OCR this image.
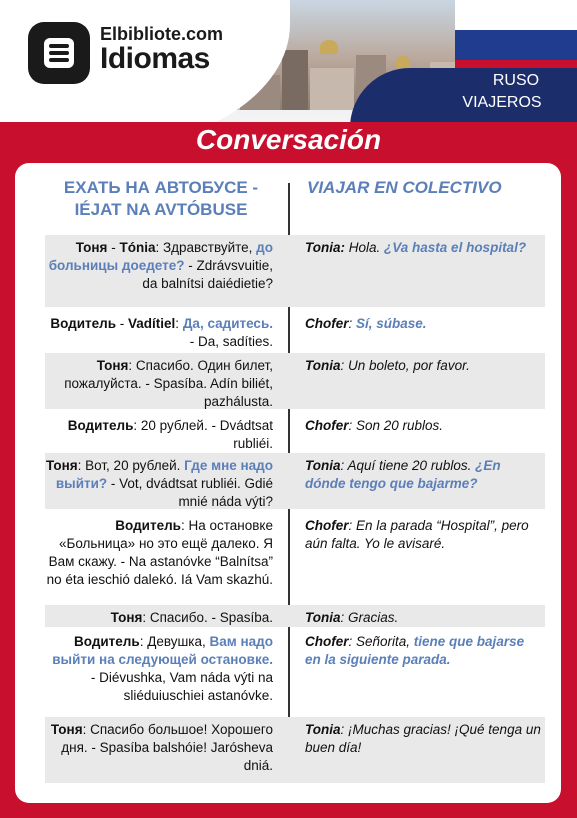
Elbibliote.com
Idiomas
RUSO
VIAJEROS
Conversación
ЕХАТЬ НА АВТОБУСЕ -
IÉJAT NA AVTÓBUSE
VIAJAR EN COLECTIVO
Тоня - Tónia: Здравствуйте, до больницы доедете? - Zdrávsvuitie, da balnítsi daiédietie?
Tonia: Hola. ¿Va hasta el hospital?
Водитель - Vadítiel: Да, садитесь. - Da, sadíties.
Chofer: Sí, súbase.
Тоня: Спасибо. Один билет, пожалуйста. - Spasíba. Adín biliét, pazhálusta.
Tonia: Un boleto, por favor.
Водитель: 20 рублей. - Dvádtsat rubliéi.
Chofer: Son 20 rublos.
Тоня: Вот, 20 рублей. Где мне надо выйти? - Vot, dvádtsat rubliéi. Gdié mnié náda výti?
Tonia: Aquí tiene 20 rublos. ¿En dónde tengo que bajarme?
Водитель: На остановке «Больница» но это ещё далеко. Я Вам скажу. - Na astanóvke “Balnítsa” no éta ieschió dalekó. Iá Vam skazhú.
Chofer: En la parada “Hospital”, pero aún falta. Yo le avisaré.
Тоня: Спасибо. - Spasíba. Tonia: Gracias.
Водитель: Девушка, Вам надо выйти на следующей остановке. - Diévushka, Vam náda výti na sliéduiuschiei astanóvke.
Chofer: Señorita, tiene que bajarse en la siguiente parada.
Тоня: Спасибо большое! Хорошего дня. - Spasíba balshóie! Jarósheva dniá.
Tonia: ¡Muchas gracias! ¡Qué tenga un buen día!
